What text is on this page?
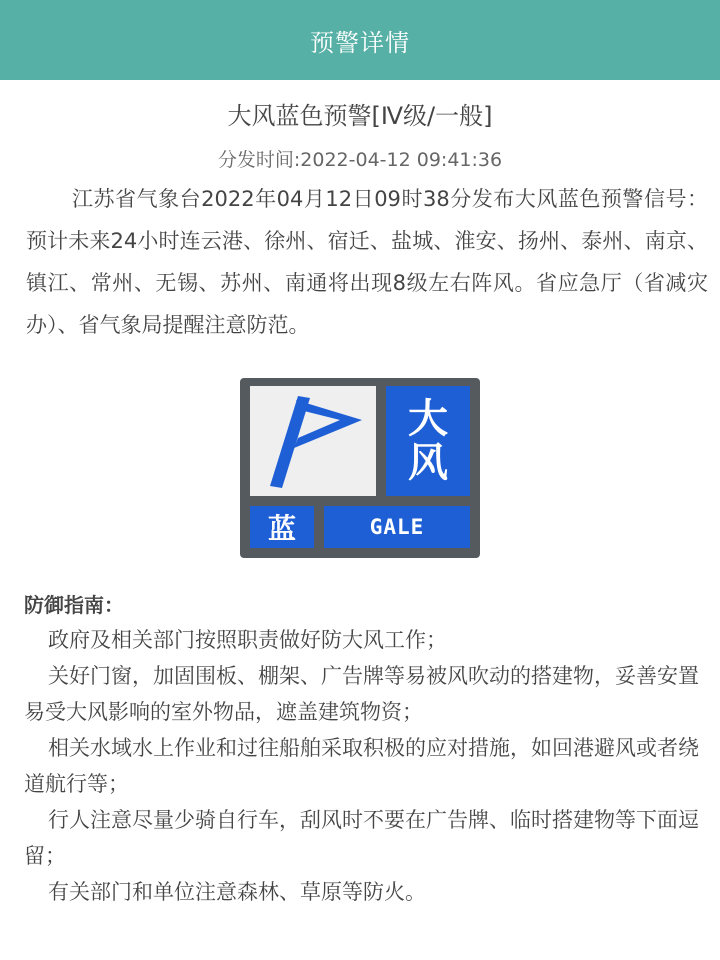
预警详情
大风蓝色预警[Ⅳ级/一般]
分发时间:2022-04-12 09:41:36
江苏省气象台2022年04月12日09时38分发布大风蓝色预警信号：预计未来24小时连云港、徐州、宿迁、盐城、淮安、扬州、泰州、南京、镇江、常州、无锡、苏州、南通将出现8级左右阵风。省应急厅（省减灾办）、省气象局提醒注意防范。
大
风
蓝	GALE
防御指南：
政府及相关部门按照职责做好防大风工作；
关好门窗，加固围板、棚架、广告牌等易被风吹动的搭建物，妥善安置易受大风影响的室外物品，遮盖建筑物资；
相关水域水上作业和过往船舶采取积极的应对措施，如回港避风或者绕道航行等；
行人注意尽量少骑自行车，刮风时不要在广告牌、临时搭建物等下面逗留；
有关部门和单位注意森林、草原等防火。
